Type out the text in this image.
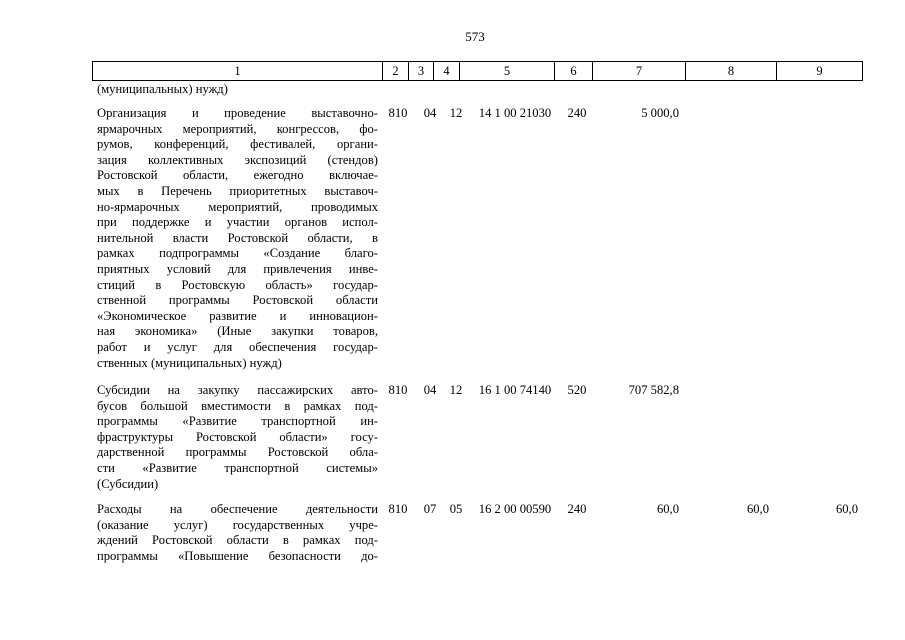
573
1	2	3	4	5	6	7	8	9
(муниципальных) нужд)
Организация и проведение выставочно-
ярмарочных мероприятий, конгрессов, фо-
румов, конференций, фестивалей, органи-
зация коллективных экспозиций (стендов)
Ростовской области, ежегодно включае-
мых в Перечень приоритетных выставоч-
но-ярмарочных мероприятий, проводимых
при поддержке и участии органов испол-
нительной власти Ростовской области, в
рамках подпрограммы «Создание благо-
приятных условий для привлечения инве-
стиций в Ростовскую область» государ-
ственной программы Ростовской области
«Экономическое развитие и инновацион-
ная экономика» (Иные закупки товаров,
работ и услуг для обеспечения государ-
ственных (муниципальных) нужд)
810	04	12	14 1 00 21030	240	5 000,0
Субсидии на закупку пассажирских авто-
бусов большой вместимости в рамках под-
программы «Развитие транспортной ин-
фраструктуры Ростовской области» госу-
дарственной программы Ростовской обла-
сти «Развитие транспортной системы»
(Субсидии)
810	04	12	16 1 00 74140	520	707 582,8
Расходы на обеспечение деятельности
(оказание услуг) государственных учре-
ждений Ростовской области в рамках под-
программы «Повышение безопасности до-
810	07	05	16 2 00 00590	240	60,0	60,0	60,0
